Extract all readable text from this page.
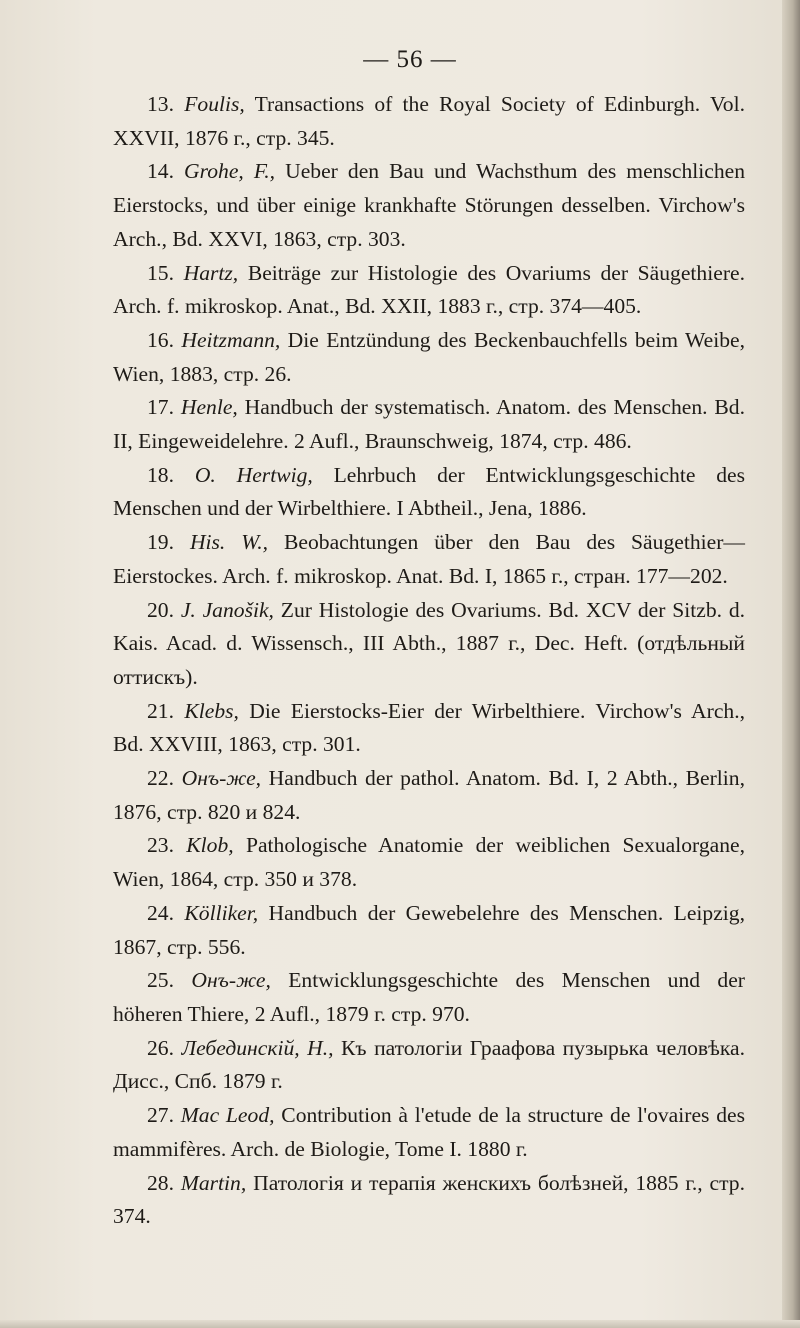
— 56 —

13. Foulis, Transactions of the Royal Society of Edinburgh. Vol. XXVII, 1876 г., стр. 345.

14. Grohe, F., Ueber den Bau und Wachsthum des menschlichen Eierstocks, und über einige krankhafte Störungen desselben. Virchow's Arch., Bd. XXVI, 1863, стр. 303.

15. Hartz, Beiträge zur Histologie des Ovariums der Säugethiere. Arch. f. mikroskop. Anat., Bd. XXII, 1883 г., стр. 374—405.

16. Heitzmann, Die Entzündung des Beckenbauchfells beim Weibe, Wien, 1883, стр. 26.

17. Henle, Handbuch der systematisch. Anatom. des Menschen. Bd. II, Eingeweidelehre. 2 Aufl., Braunschweig, 1874, стр. 486.

18. O. Hertwig, Lehrbuch der Entwicklungsgeschichte des Menschen und der Wirbelthiere. I Abtheil., Jena, 1886.

19. His. W., Beobachtungen über den Bau des Säugethier—Eierstockes. Arch. f. mikroskop. Anat. Bd. I, 1865 г., стран. 177—202.

20. J. Janošik, Zur Histologie des Ovariums. Bd. XCV der Sitzb. d. Kais. Acad. d. Wissensch., III Abth., 1887 г., Dec. Heft. (отдѣльный оттискъ).

21. Klebs, Die Eierstocks-Eier der Wirbelthiere. Virchow's Arch., Bd. XXVIII, 1863, стр. 301.

22. Онъ-же, Handbuch der pathol. Anatom. Bd. I, 2 Abth., Berlin, 1876, стр. 820 и 824.

23. Klob, Pathologische Anatomie der weiblichen Sexualorgane, Wien, 1864, стр. 350 и 378.

24. Kölliker, Handbuch der Gewebelehre des Menschen. Leipzig, 1867, стр. 556.

25. Онъ-же, Entwicklungsgeschichte des Menschen und der höheren Thiere, 2 Aufl., 1879 г. стр. 970.

26. Лебединскій, Н., Къ патологіи Граафова пузырька человѣка. Дисс., Спб. 1879 г.

27. Mac Leod, Contribution à l'etude de la structure de l'ovaires des mammifères. Arch. de Biologie, Tome I. 1880 г.

28. Martin, Патологія и терапія женскихъ болѣзней, 1885 г., стр. 374.
